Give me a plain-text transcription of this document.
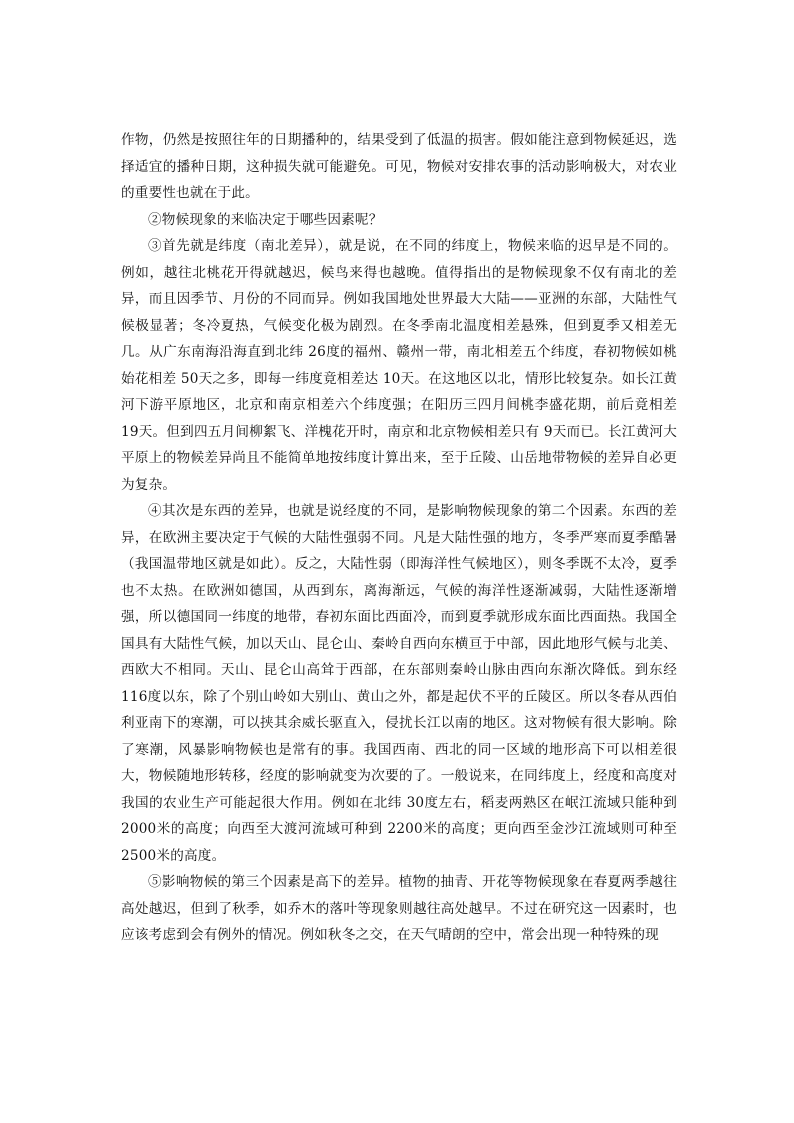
作物，仍然是按照往年的日期播种的，结果受到了低温的损害。假如能注意到物候延迟，选择适宜的播种日期，这种损失就可能避免。可见，物候对安排农事的活动影响极大，对农业的重要性也就在于此。

②物候现象的来临决定于哪些因素呢？

③首先就是纬度（南北差异），就是说，在不同的纬度上，物候来临的迟早是不同的。例如，越往北桃花开得就越迟，候鸟来得也越晚。值得指出的是物候现象不仅有南北的差异，而且因季节、月份的不同而异。例如我国地处世界最大大陆——亚洲的东部，大陆性气候极显著；冬冷夏热，气候变化极为剧烈。在冬季南北温度相差悬殊，但到夏季又相差无几。从广东南海沿海直到北纬 26度的福州、赣州一带，南北相差五个纬度，春初物候如桃始花相差 50天之多，即每一纬度竟相差达 10天。在这地区以北，情形比较复杂。如长江黄河下游平原地区，北京和南京相差六个纬度强；在阳历三四月间桃李盛花期，前后竟相差 19天。但到四五月间柳絮飞、洋槐花开时，南京和北京物候相差只有 9天而已。长江黄河大平原上的物候差异尚且不能简单地按纬度计算出来，至于丘陵、山岳地带物候的差异自必更为复杂。

④其次是东西的差异，也就是说经度的不同，是影响物候现象的第二个因素。东西的差异，在欧洲主要决定于气候的大陆性强弱不同。凡是大陆性强的地方，冬季严寒而夏季酷暑（我国温带地区就是如此）。反之，大陆性弱（即海洋性气候地区），则冬季既不太冷，夏季也不太热。在欧洲如德国，从西到东，离海渐远，气候的海洋性逐渐减弱，大陆性逐渐增强，所以德国同一纬度的地带，春初东面比西面冷，而到夏季就形成东面比西面热。我国全国具有大陆性气候，加以天山、昆仑山、秦岭自西向东横亘于中部，因此地形气候与北美、西欧大不相同。天山、昆仑山高耸于西部，在东部则秦岭山脉由西向东渐次降低。到东经 116度以东，除了个别山岭如大别山、黄山之外，都是起伏不平的丘陵区。所以冬春从西伯利亚南下的寒潮，可以挟其余威长驱直入，侵扰长江以南的地区。这对物候有很大影响。除了寒潮，风暴影响物候也是常有的事。我国西南、西北的同一区域的地形高下可以相差很大，物候随地形转移，经度的影响就变为次要的了。一般说来，在同纬度上，经度和高度对我国的农业生产可能起很大作用。例如在北纬 30度左右，稻麦两熟区在岷江流域只能种到 2000米的高度；向西至大渡河流域可种到 2200米的高度；更向西至金沙江流域则可种至 2500米的高度。

⑤影响物候的第三个因素是高下的差异。植物的抽青、开花等物候现象在春夏两季越往高处越迟，但到了秋季，如乔木的落叶等现象则越往高处越早。不过在研究这一因素时，也应该考虑到会有例外的情况。例如秋冬之交，在天气晴朗的空中，常会出现一种特殊的现
